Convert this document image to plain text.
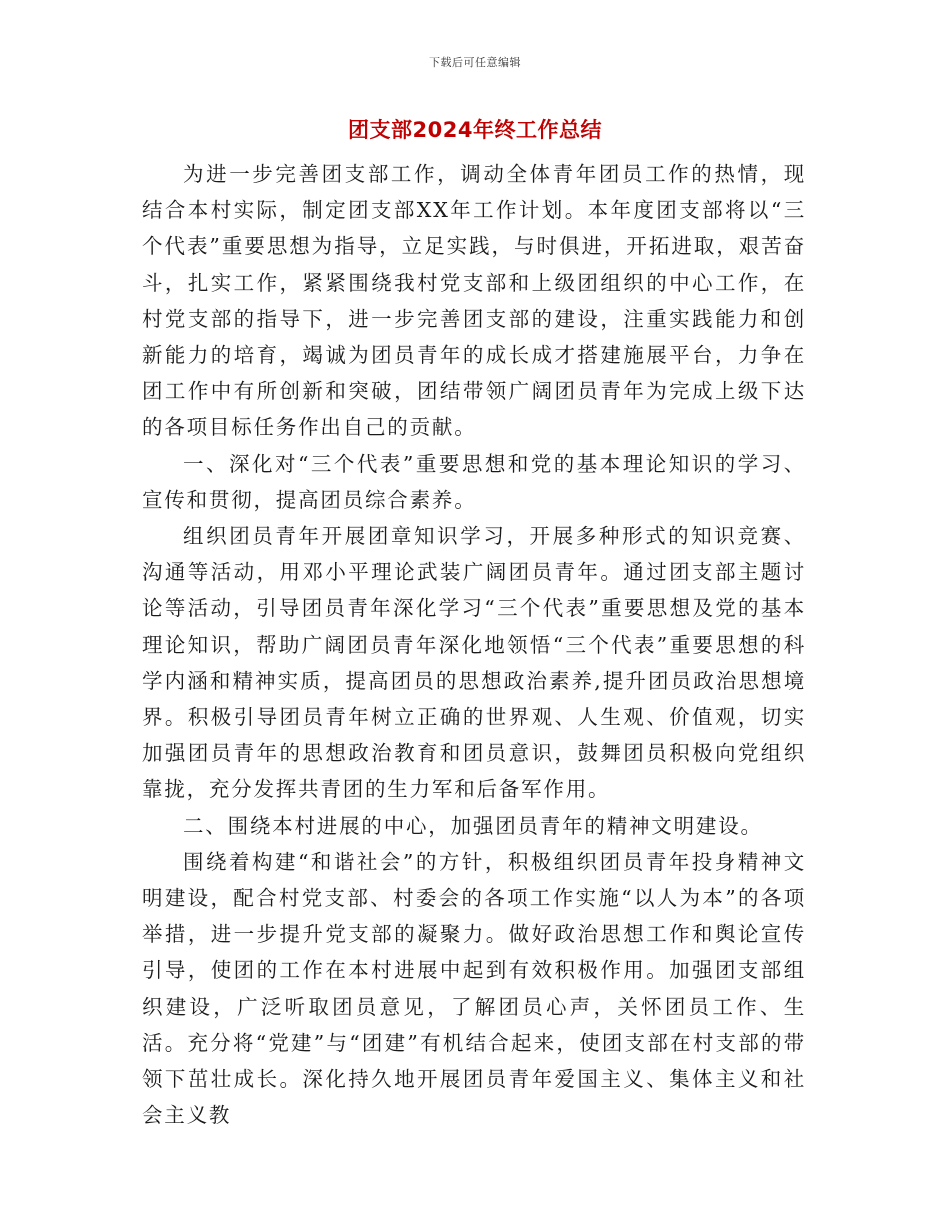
下载后可任意编辑
团支部2024年终工作总结

为进一步完善团支部工作，调动全体青年团员工作的热情，现结合本村实际，制定团支部XX年工作计划。本年度团支部将以“三个代表”重要思想为指导，立足实践，与时俱进，开拓进取，艰苦奋斗，扎实工作，紧紧围绕我村党支部和上级团组织的中心工作，在村党支部的指导下，进一步完善团支部的建设，注重实践能力和创新能力的培育，竭诚为团员青年的成长成才搭建施展平台，力争在团工作中有所创新和突破，团结带领广阔团员青年为完成上级下达的各项目标任务作出自己的贡献。

一、深化对“三个代表”重要思想和党的基本理论知识的学习、宣传和贯彻，提高团员综合素养。

组织团员青年开展团章知识学习，开展多种形式的知识竞赛、沟通等活动，用邓小平理论武装广阔团员青年。通过团支部主题讨论等活动，引导团员青年深化学习“三个代表”重要思想及党的基本理论知识，帮助广阔团员青年深化地领悟“三个代表”重要思想的科学内涵和精神实质，提高团员的思想政治素养,提升团员政治思想境界。积极引导团员青年树立正确的世界观、人生观、价值观，切实加强团员青年的思想政治教育和团员意识，鼓舞团员积极向党组织靠拢，充分发挥共青团的生力军和后备军作用。

二、围绕本村进展的中心，加强团员青年的精神文明建设。

围绕着构建“和谐社会”的方针，积极组织团员青年投身精神文明建设，配合村党支部、村委会的各项工作实施“以人为本”的各项举措，进一步提升党支部的凝聚力。做好政治思想工作和舆论宣传引导，使团的工作在本村进展中起到有效积极作用。加强团支部组织建设，广泛听取团员意见，了解团员心声，关怀团员工作、生活。充分将“党建”与“团建”有机结合起来，使团支部在村支部的带领下茁壮成长。深化持久地开展团员青年爱国主义、集体主义和社会主义教
